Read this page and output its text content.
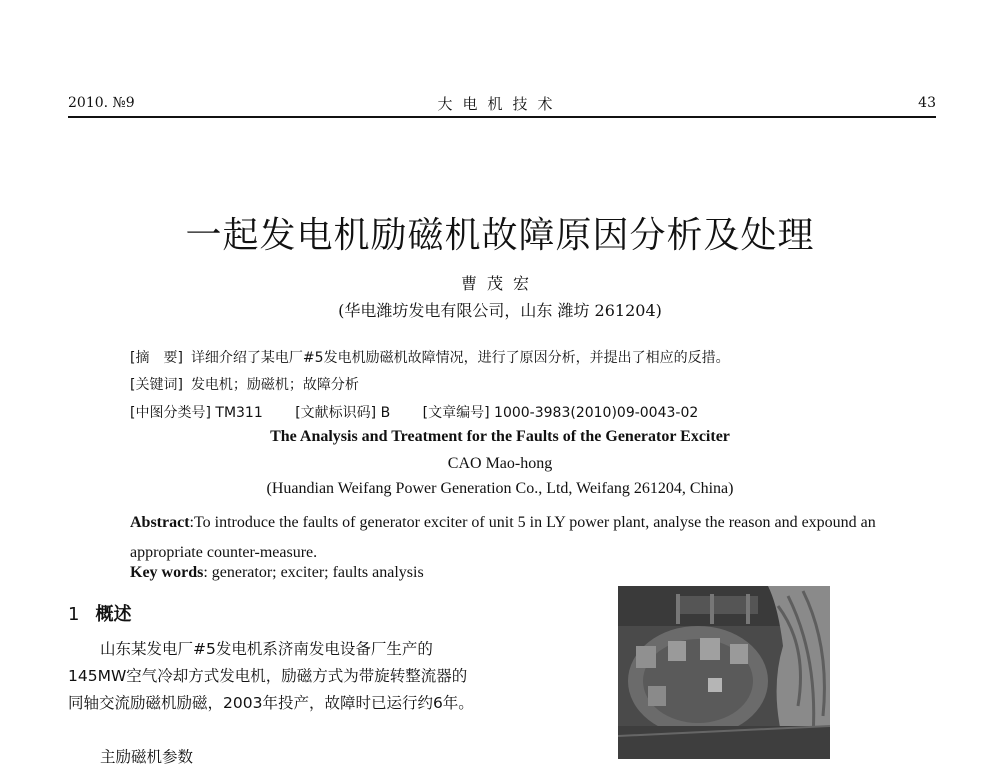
2010. №9	大电机技术	43
一起发电机励磁机故障原因分析及处理
曹茂宏
(华电潍坊发电有限公司，山东 潍坊 261204)
[摘　要] 详细介绍了某电厂#5发电机励磁机故障情况，进行了原因分析，并提出了相应的反措。
[关键词] 发电机；励磁机；故障分析
[中图分类号] TM311 [文献标识码] B [文章编号] 1000-3983(2010)09-0043-02
The Analysis and Treatment for the Faults of the Generator Exciter
CAO Mao-hong
(Huandian Weifang Power Generation Co., Ltd, Weifang 261204, China)
Abstract:To introduce the faults of generator exciter of unit 5 in LY power plant, analyse the reason and expound an appropriate counter-measure.
Key words: generator; exciter; faults analysis
1 概述
山东某发电厂#5发电机系济南发电设备厂生产的145MW空气冷却方式发电机，励磁方式为带旋转整流器的同轴交流励磁机励磁，2003年投产，故障时已运行约6年。
主励磁机参数
